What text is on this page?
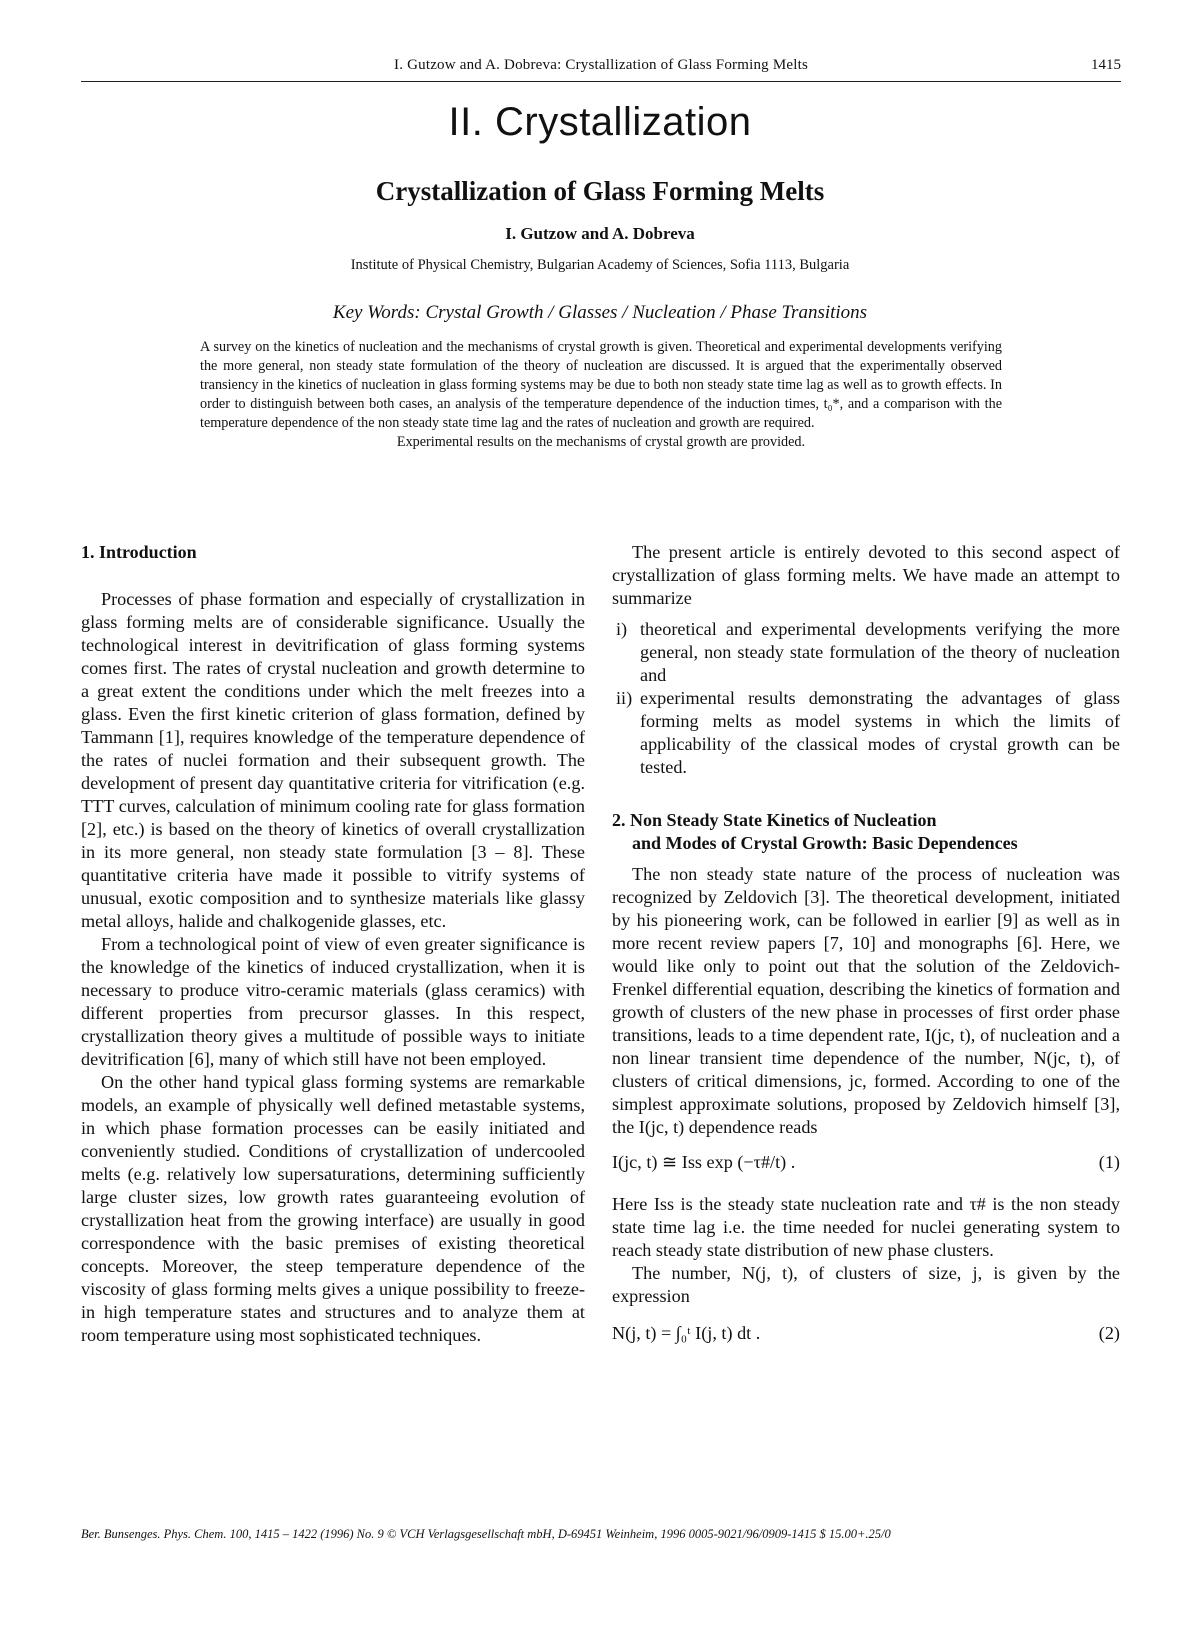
I. Gutzow and A. Dobreva: Crystallization of Glass Forming Melts	1415
II. Crystallization
Crystallization of Glass Forming Melts
I. Gutzow and A. Dobreva
Institute of Physical Chemistry, Bulgarian Academy of Sciences, Sofia 1113, Bulgaria
Key Words: Crystal Growth / Glasses / Nucleation / Phase Transitions

A survey on the kinetics of nucleation and the mechanisms of crystal growth is given. Theoretical and experimental developments verifying the more general, non steady state formulation of the theory of nucleation are discussed. It is argued that the experimentally observed transiency in the kinetics of nucleation in glass forming systems may be due to both non steady state time lag as well as to growth effects. In order to distinguish between both cases, an analysis of the temperature dependence of the induction times, t₀*, and a comparison with the temperature dependence of the non steady state time lag and the rates of nucleation and growth are required.

Experimental results on the mechanisms of crystal growth are provided.

1. Introduction

Processes of phase formation and especially of crystallization in glass forming melts are of considerable significance. Usually the technological interest in devitrification of glass forming systems comes first. The rates of crystal nucleation and growth determine to a great extent the conditions under which the melt freezes into a glass. Even the first kinetic criterion of glass formation, defined by Tammann [1], requires knowledge of the temperature dependence of the rates of nuclei formation and their subsequent growth. The development of present day quantitative criteria for vitrification (e.g. TTT curves, calculation of minimum cooling rate for glass formation [2], etc.) is based on the theory of kinetics of overall crystallization in its more general, non steady state formulation [3 – 8]. These quantitative criteria have made it possible to vitrify systems of unusual, exotic composition and to synthesize materials like glassy metal alloys, halide and chalkogenide glasses, etc.

From a technological point of view of even greater significance is the knowledge of the kinetics of induced crystallization, when it is necessary to produce vitro-ceramic materials (glass ceramics) with different properties from precursor glasses. In this respect, crystallization theory gives a multitude of possible ways to initiate devitrification [6], many of which still have not been employed.

On the other hand typical glass forming systems are remarkable models, an example of physically well defined metastable systems, in which phase formation processes can be easily initiated and conveniently studied. Conditions of crystallization of undercooled melts (e.g. relatively low supersaturations, determining sufficiently large cluster sizes, low growth rates guaranteeing evolution of crystallization heat from the growing interface) are usually in good correspondence with the basic premises of existing theoretical concepts. Moreover, the steep temperature dependence of the viscosity of glass forming melts gives a unique possibility to freeze-in high temperature states and structures and to analyze them at room temperature using most sophisticated techniques.

The present article is entirely devoted to this second aspect of crystallization of glass forming melts. We have made an attempt to summarize

i) theoretical and experimental developments verifying the more general, non steady state formulation of the theory of nucleation and
ii) experimental results demonstrating the advantages of glass forming melts as model systems in which the limits of applicability of the classical modes of crystal growth can be tested.
2. Non Steady State Kinetics of Nucleation
and Modes of Crystal Growth: Basic Dependences

The non steady state nature of the process of nucleation was recognized by Zeldovich [3]. The theoretical development, initiated by his pioneering work, can be followed in earlier [9] as well as in more recent review papers [7, 10] and monographs [6]. Here, we would like only to point out that the solution of the Zeldovich-Frenkel differential equation, describing the kinetics of formation and growth of clusters of the new phase in processes of first order phase transitions, leads to a time dependent rate, I(jc, t), of nucleation and a non linear transient time dependence of the number, N(jc, t), of clusters of critical dimensions, jc, formed. According to one of the simplest approximate solutions, proposed by Zeldovich himself [3], the I(jc, t) dependence reads

I(jc, t) ≅ Iss exp (−τ#/t) .	(1)

Here Iss is the steady state nucleation rate and τ# is the non steady state time lag i.e. the time needed for nuclei generating system to reach steady state distribution of new phase clusters.

The number, N(j, t), of clusters of size, j, is given by the expression

N(j, t) = ∫₀ᵗ I(j, t) dt .	(2)
Ber. Bunsenges. Phys. Chem. 100, 1415 – 1422 (1996) No. 9 © VCH Verlagsgesellschaft mbH, D-69451 Weinheim, 1996 0005-9021/96/0909-1415 $ 15.00+.25/0
